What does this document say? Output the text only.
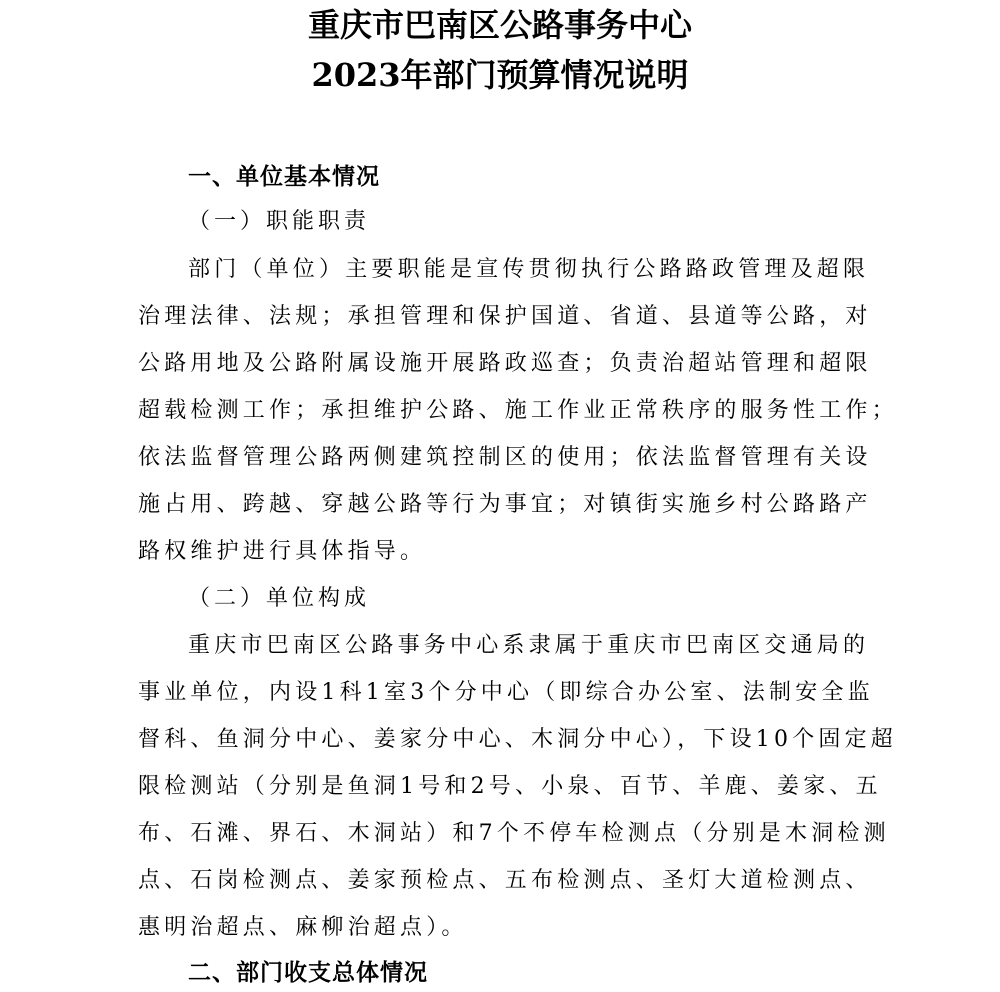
重庆市巴南区公路事务中心
2023年部门预算情况说明
一、单位基本情况
（一）职能职责
部门（单位）主要职能是宣传贯彻执行公路路政管理及超限
治理法律、法规；承担管理和保护国道、省道、县道等公路，对
公路用地及公路附属设施开展路政巡查；负责治超站管理和超限
超载检测工作；承担维护公路、施工作业正常秩序的服务性工作；
依法监督管理公路两侧建筑控制区的使用；依法监督管理有关设
施占用、跨越、穿越公路等行为事宜；对镇街实施乡村公路路产
路权维护进行具体指导。
（二）单位构成
重庆市巴南区公路事务中心系隶属于重庆市巴南区交通局的
事业单位，内设1科1室3个分中心（即综合办公室、法制安全监
督科、鱼洞分中心、姜家分中心、木洞分中心），下设10个固定超
限检测站（分别是鱼洞1号和2号、小泉、百节、羊鹿、姜家、五
布、石滩、界石、木洞站）和7个不停车检测点（分别是木洞检测
点、石岗检测点、姜家预检点、五布检测点、圣灯大道检测点、
惠明治超点、麻柳治超点）。
二、部门收支总体情况
